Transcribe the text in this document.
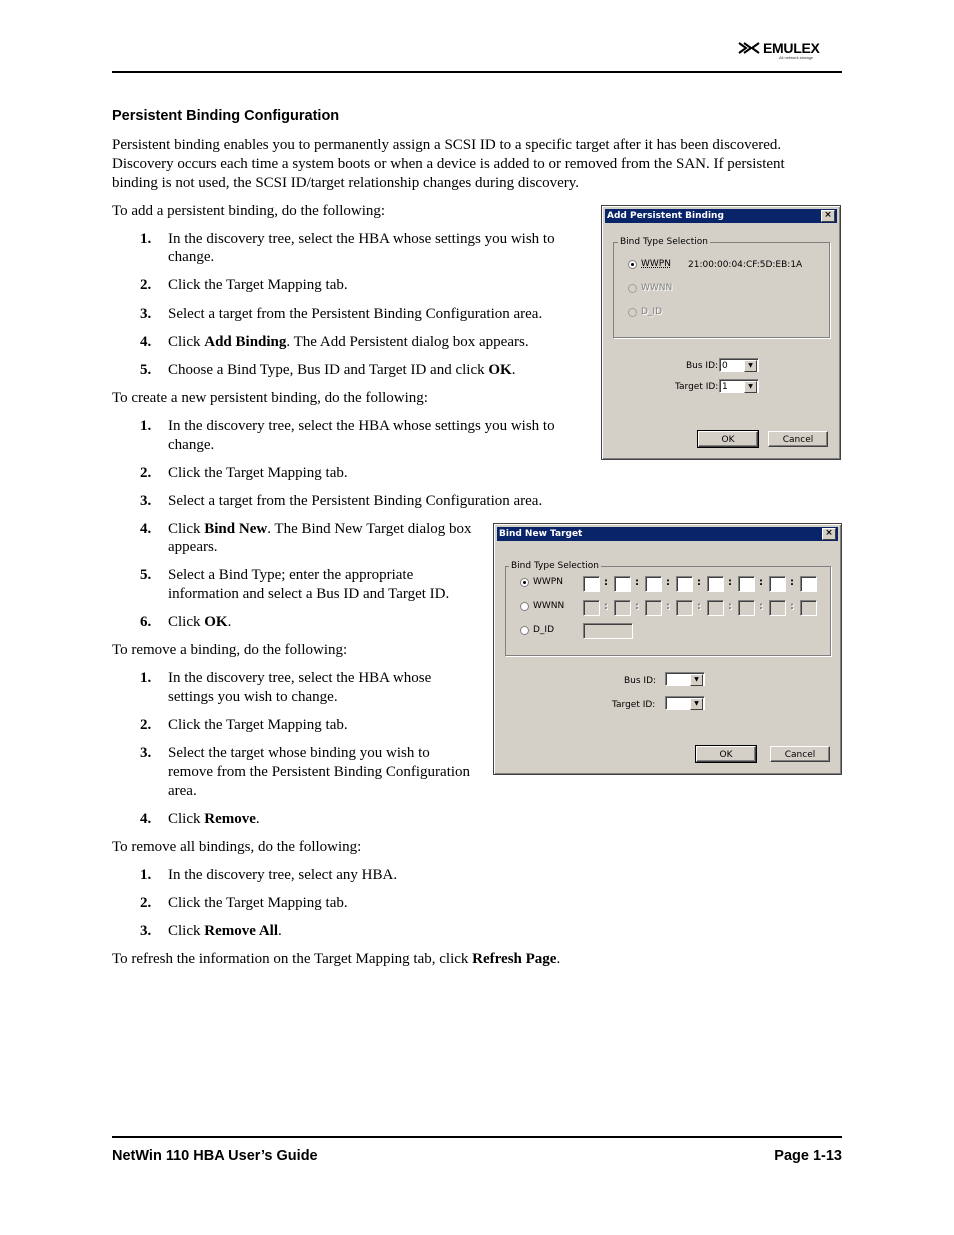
EMULEX
All network storage
Persistent Binding Configuration
Persistent binding enables you to permanently assign a SCSI ID to a specific target after it has been discovered.
Discovery occurs each time a system boots or when a device is added to or removed from the SAN. If persistent
binding is not used, the SCSI ID/target relationship changes during discovery.
To add a persistent binding, do the following:
1. In the discovery tree, select the HBA whose settings you wish to
change.
2. Click the Target Mapping tab.
3. Select a target from the Persistent Binding Configuration area.
4. Click Add Binding. The Add Persistent dialog box appears.
5. Choose a Bind Type, Bus ID and Target ID and click OK.
To create a new persistent binding, do the following:
1. In the discovery tree, select the HBA whose settings you wish to
change.
2. Click the Target Mapping tab.
3. Select a target from the Persistent Binding Configuration area.
4. Click Bind New. The Bind New Target dialog box
appears.
5. Select a Bind Type; enter the appropriate
information and select a Bus ID and Target ID.
6. Click OK.
To remove a binding, do the following:
1. In the discovery tree, select the HBA whose
settings you wish to change.
2. Click the Target Mapping tab.
3. Select the target whose binding you wish to
remove from the Persistent Binding Configuration
area.
4. Click Remove.
To remove all bindings, do the following:
1. In the discovery tree, select any HBA.
2. Click the Target Mapping tab.
3. Click Remove All.
To refresh the information on the Target Mapping tab, click Refresh Page.
Add Persistent Binding	×
Bind Type Selection
WWPN 21:00:00:04:CF:5D:EB:1A
WWNN
D_ID
Bus ID: 0	▼
Target ID: 1	▼
OK	Cancel
Bind New Target	×
Bind Type Selection
WWPN
WWNN
D_ID
Bus ID:	▼
Target ID:	▼
OK	Cancel
:	:	:	:	:	:	:
:	:	:	:	:	:	:
NetWin 110 HBA User’s Guide	Page 1-13
